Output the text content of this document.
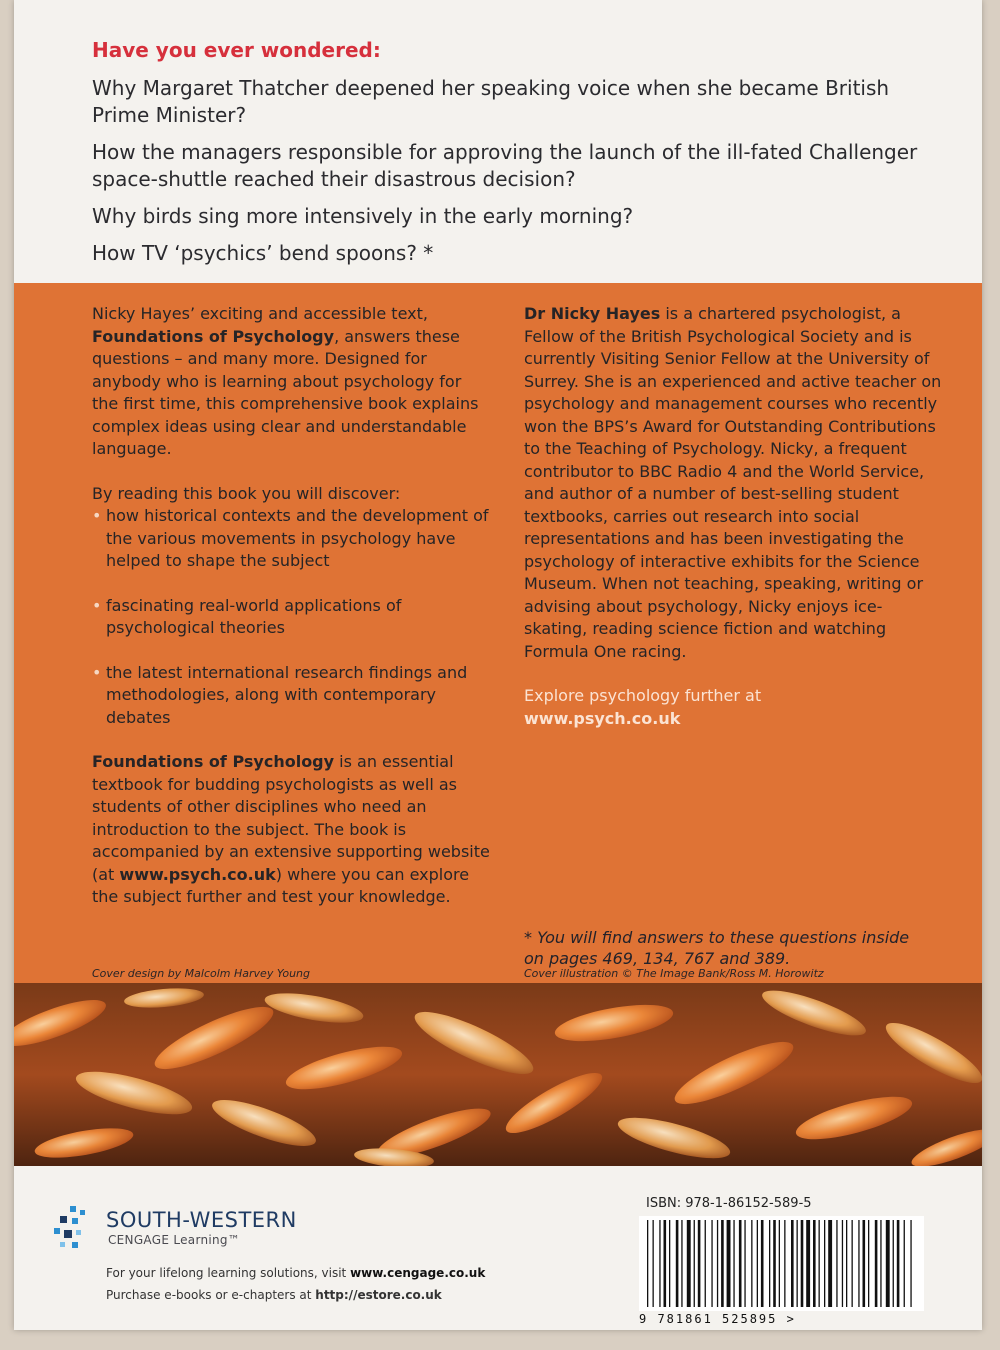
Have you ever wondered:

Why Margaret Thatcher deepened her speaking voice when she became British Prime Minister?

How the managers responsible for approving the launch of the ill-fated Challenger space-shuttle reached their disastrous decision?

Why birds sing more intensively in the early morning?

How TV ‘psychics’ bend spoons? *

Nicky Hayes’ exciting and accessible text, Foundations of Psychology, answers these questions – and many more. Designed for anybody who is learning about psychology for the first time, this comprehensive book explains complex ideas using clear and understandable language.

By reading this book you will discover:

• how historical contexts and the development of the various movements in psychology have helped to shape the subject
• fascinating real-world applications of psychological theories
• the latest international research findings and methodologies, along with contemporary debates

Foundations of Psychology is an essential textbook for budding psychologists as well as students of other disciplines who need an introduction to the subject. The book is accompanied by an extensive supporting website (at www.psych.co.uk) where you can explore the subject further and test your knowledge.

Dr Nicky Hayes is a chartered psychologist, a Fellow of the British Psychological Society and is currently Visiting Senior Fellow at the University of Surrey. She is an experienced and active teacher on psychology and management courses who recently won the BPS’s Award for Outstanding Contributions to the Teaching of Psychology. Nicky, a frequent contributor to BBC Radio 4 and the World Service, and author of a number of best-selling student textbooks, carries out research into social representations and has been investigating the psychology of interactive exhibits for the Science Museum. When not teaching, speaking, writing or advising about psychology, Nicky enjoys ice-skating, reading science fiction and watching Formula One racing.

Explore psychology further at

www.psych.co.uk

* You will find answers to these questions inside on pages 469, 134, 767 and 389.

Cover design by Malcolm Harvey Young	Cover illustration © The Image Bank/Ross M. Horowitz
SOUTH-WESTERN
CENGAGE Learning™
For your lifelong learning solutions, visit www.cengage.co.uk
Purchase e-books or e-chapters at http://estore.co.uk
ISBN: 978-1-86152-589-5
9 781861 525895 >
